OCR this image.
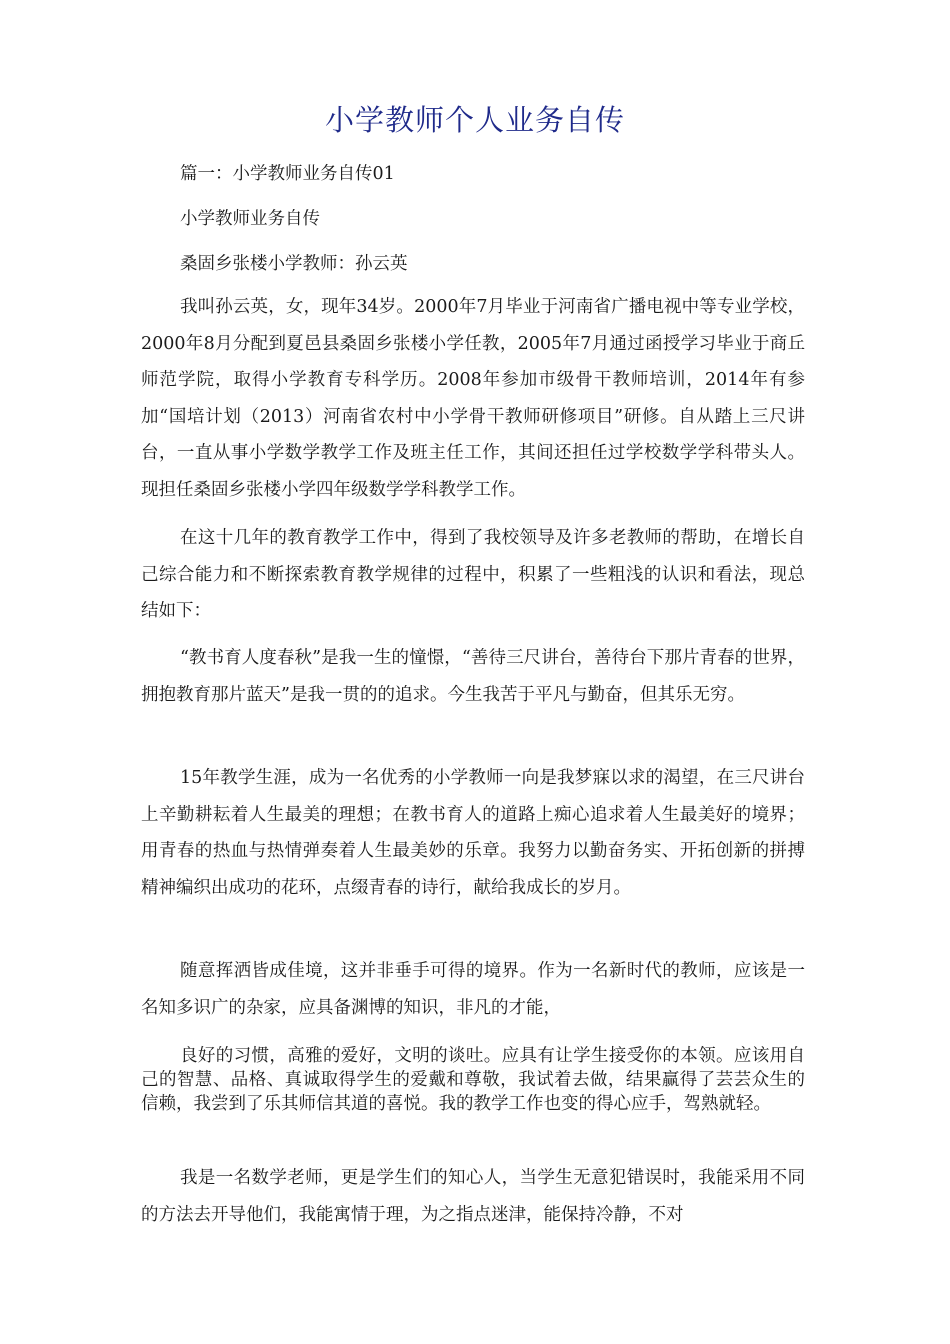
小学教师个人业务自传

篇一：小学教师业务自传01

小学教师业务自传

桑固乡张楼小学教师：孙云英

我叫孙云英，女，现年34岁。2000年7月毕业于河南省广播电视中等专业学校，2000年8月分配到夏邑县桑固乡张楼小学任教，2005年7月通过函授学习毕业于商丘师范学院，取得小学教育专科学历。2008年参加市级骨干教师培训，2014年有参加“国培计划（2013）河南省农村中小学骨干教师研修项目”研修。自从踏上三尺讲台，一直从事小学数学教学工作及班主任工作，其间还担任过学校数学学科带头人。现担任桑固乡张楼小学四年级数学学科教学工作。

在这十几年的教育教学工作中，得到了我校领导及许多老教师的帮助，在增长自己综合能力和不断探索教育教学规律的过程中，积累了一些粗浅的认识和看法，现总结如下：

“教书育人度春秋”是我一生的憧憬，“善待三尺讲台，善待台下那片青春的世界，拥抱教育那片蓝天”是我一贯的的追求。今生我苦于平凡与勤奋，但其乐无穷。

15年教学生涯，成为一名优秀的小学教师一向是我梦寐以求的渴望，在三尺讲台上辛勤耕耘着人生最美的理想；在教书育人的道路上痴心追求着人生最美好的境界；用青春的热血与热情弹奏着人生最美妙的乐章。我努力以勤奋务实、开拓创新的拼搏精神编织出成功的花环，点缀青春的诗行，献给我成长的岁月。

随意挥洒皆成佳境，这并非垂手可得的境界。作为一名新时代的教师，应该是一名知多识广的杂家，应具备渊博的知识，非凡的才能，

良好的习惯，高雅的爱好，文明的谈吐。应具有让学生接受你的本领。应该用自己的智慧、品格、真诚取得学生的爱戴和尊敬，我试着去做，结果赢得了芸芸众生的信赖，我尝到了乐其师信其道的喜悦。我的教学工作也变的得心应手，驾熟就轻。

我是一名数学老师，更是学生们的知心人，当学生无意犯错误时，我能采用不同的方法去开导他们，我能寓情于理，为之指点迷津，能保持冷静，不对
